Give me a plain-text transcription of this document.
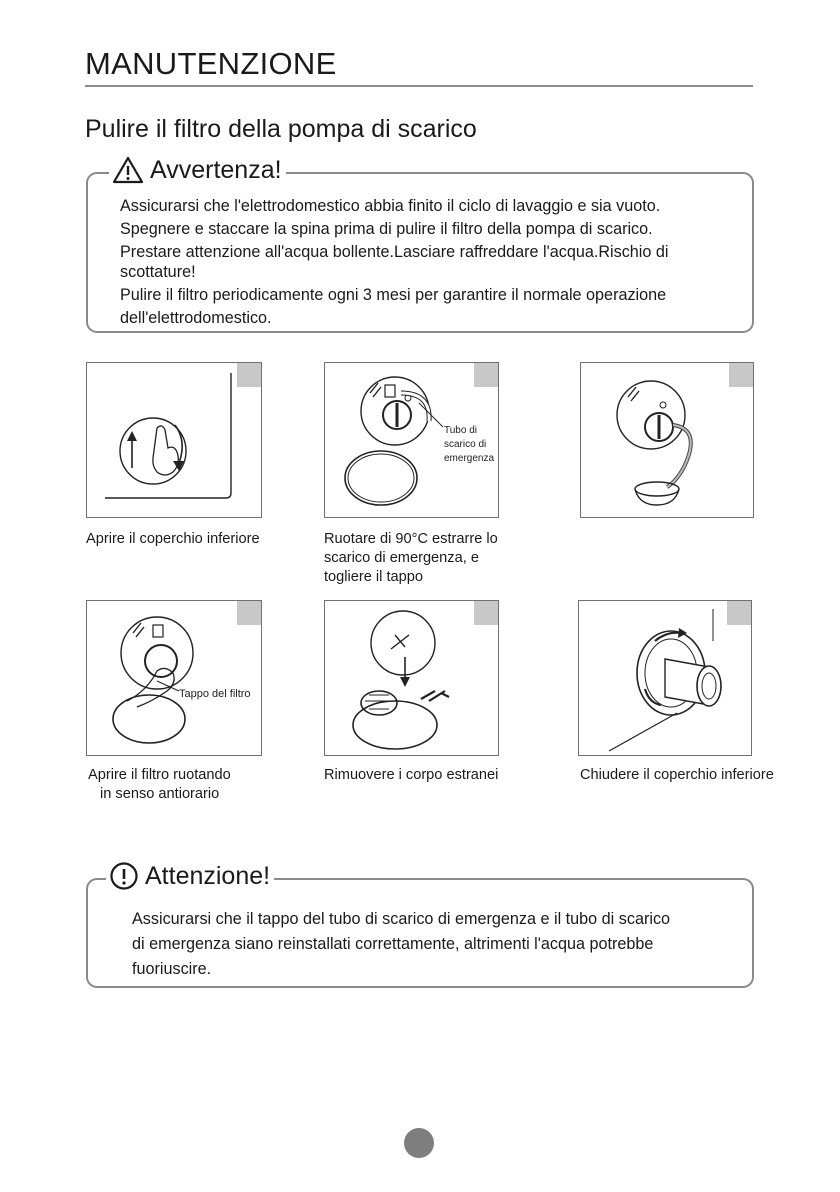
MANUTENZIONE
Pulire il filtro della pompa di scarico
Avvertenza!
Assicurarsi che l'elettrodomestico abbia finito il ciclo di lavaggio e sia vuoto.
Spegnere e staccare la spina prima di pulire il filtro della pompa di scarico.
Prestare attenzione all'acqua bollente.Lasciare raffreddare l'acqua.Rischio di
scottature!
Pulire il filtro periodicamente ogni 3 mesi per garantire il normale operazione
dell'elettrodomestico.
Aprire il coperchio inferiore
Tubo di
scarico di
emergenza
Ruotare di 90°C estrarre lo
scarico di emergenza, e
togliere il tappo
Tappo del filtro
Aprire il filtro ruotando
in senso antiorario
Rimuovere i corpo estranei	Chiudere il coperchio inferiore
Attenzione!
Assicurarsi che il tappo del tubo di scarico di emergenza e il tubo di scarico
di emergenza siano reinstallati correttamente, altrimenti l'acqua potrebbe
fuoriuscire.
